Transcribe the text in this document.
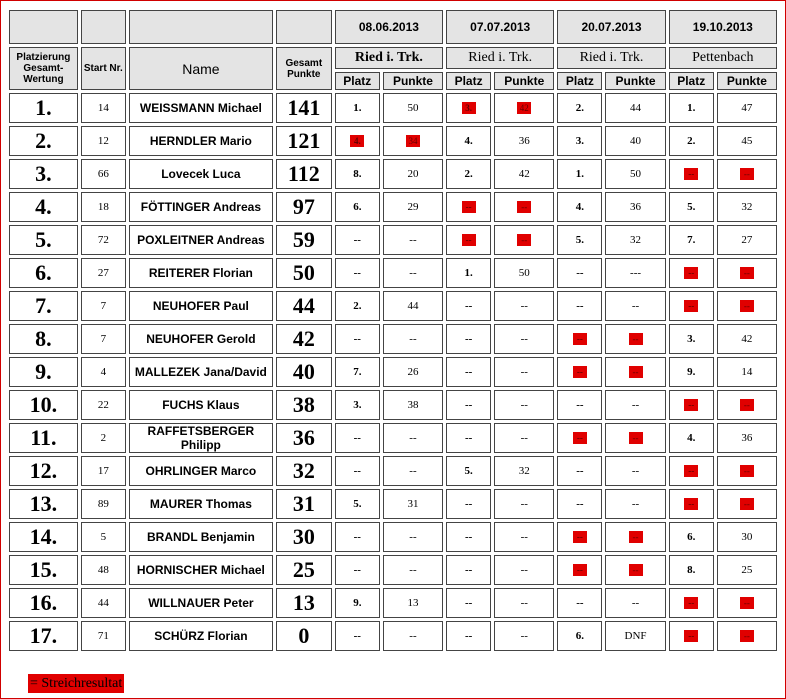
				08.06.2013		07.07.2013		20.07.2013		19.10.2013	
Platzierung Gesamt-Wertung	Start Nr.	Name	Gesamt Punkte	Ried i. Trk.		Ried i. Trk.		Ried i. Trk.		Pettenbach	
				Platz	Punkte	Platz	Punkte	Platz	Punkte	Platz	Punkte
1.	14	WEISSMANN Michael	141	1.	50	3.	42	2.	44	1.	47
2.	12	HERNDLER Mario	121	4.	34	4.	36	3.	40	2.	45
3.	66	Lovecek Luca	112	8.	20	2.	42	1.	50	--	--
4.	18	FÖTTINGER Andreas	97	6.	29	--	--	4.	36	5.	32
5.	72	POXLEITNER Andreas	59	--	--	--	--	5.	32	7.	27
6.	27	REITERER Florian	50	--	--	1.	50	--	---	--	--
7.	7	NEUHOFER Paul	44	2.	44	--	--	--	--	--	--
8.	7	NEUHOFER Gerold	42	--	--	--	--	--	--	3.	42
9.	4	MALLEZEK Jana/David	40	7.	26	--	--	--	--	9.	14
10.	22	FUCHS Klaus	38	3.	38	--	--	--	--	--	--
11.	2	RAFFETSBERGER Philipp	36	--	--	--	--	--	--	4.	36
12.	17	OHRLINGER Marco	32	--	--	5.	32	--	--	--	--
13.	89	MAURER Thomas	31	5.	31	--	--	--	--	--	--
14.	5	BRANDL Benjamin	30	--	--	--	--	--	--	6.	30
15.	48	HORNISCHER Michael	25	--	--	--	--	--	--	8.	25
16.	44	WILLNAUER Peter	13	9.	13	--	--	--	--	--	--
17.	71	SCHÜRZ Florian	0	--	--	--	--	6.	DNF	--	--
= Streichresultat
